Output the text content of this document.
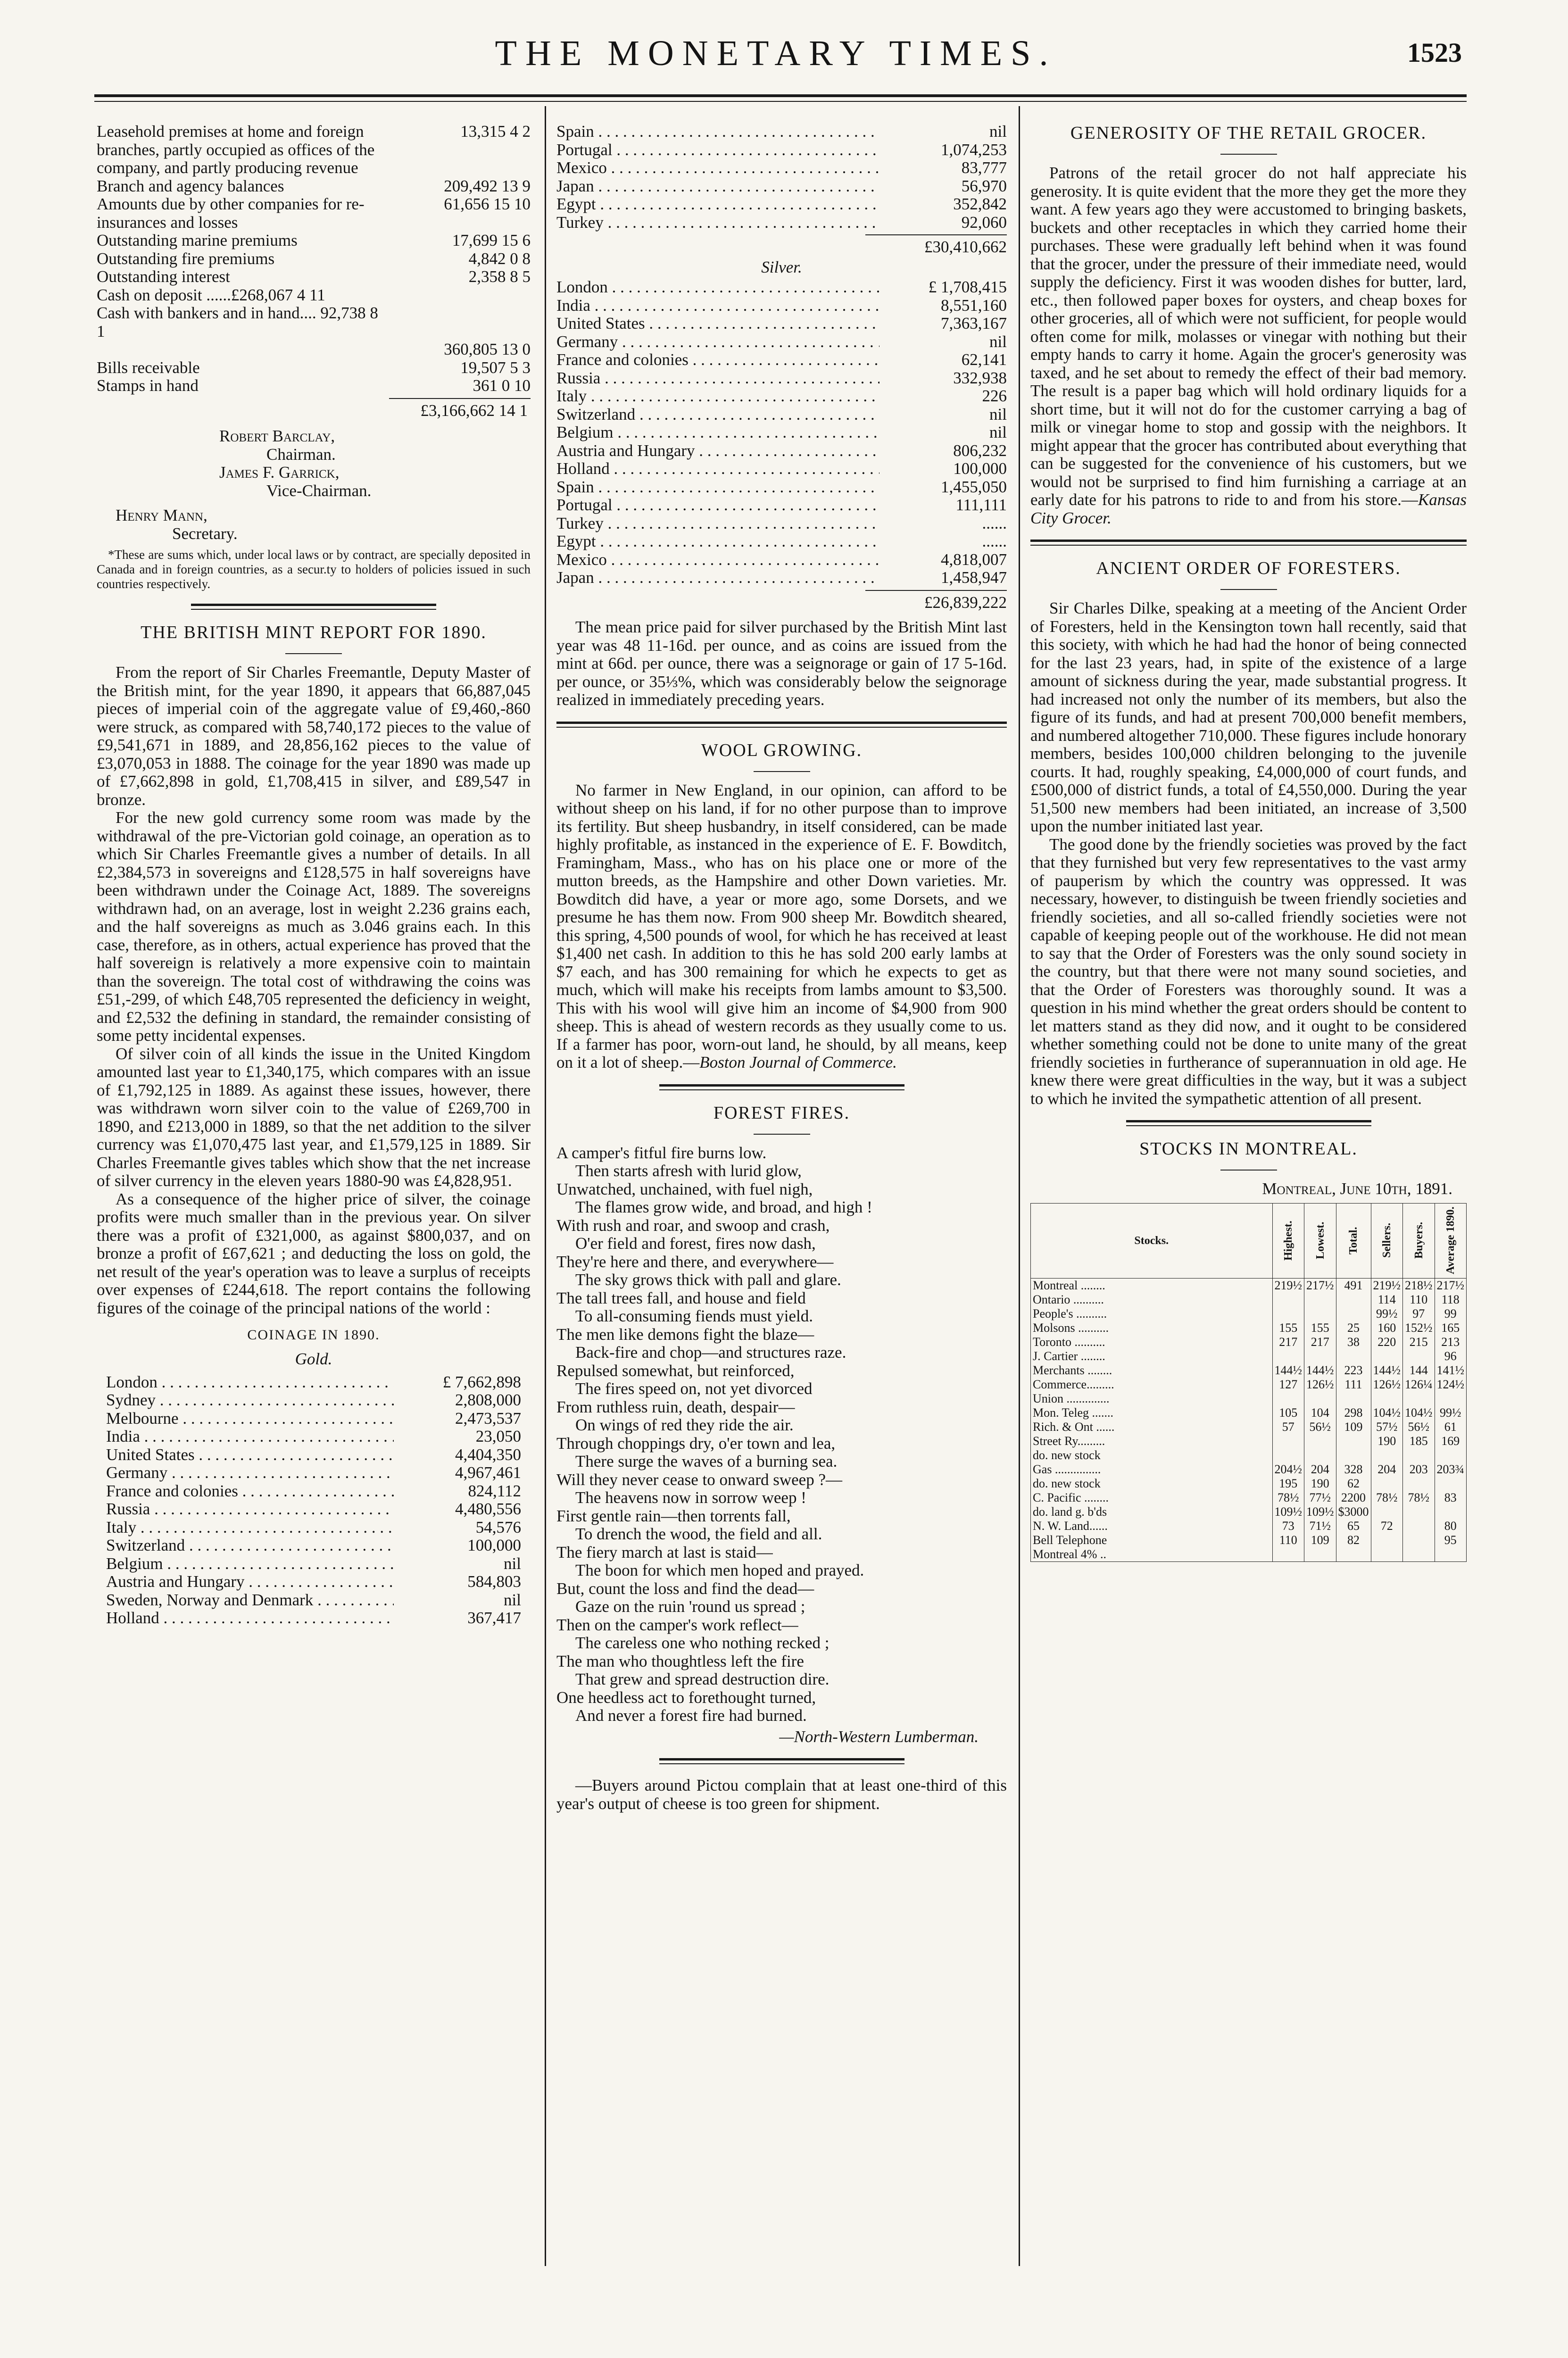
THE MONETARY TIMES.	1523
Leasehold premises at home and foreign branches, partly occupied as offices of the company, and partly producing revenue
13,315 4 2
Branch and agency balances	209,492 13 9
Amounts due by other companies for re-insurances and losses
61,656 15 10
Outstanding marine premiums	17,699 15 6
Outstanding fire premiums	4,842 0 8
Outstanding interest	2,358 8 5
Cash on deposit ......£268,067 4 11
Cash with bankers and in hand.... 92,738 8 1
360,805 13 0
Bills receivable	19,507 5 3
Stamps in hand	361 0 10
£3,166,662 14 1
Robert Barclay,
Chairman.
James F. Garrick,
Vice-Chairman.
Henry Mann,
Secretary.

*These are sums which, under local laws or by contract, are specially deposited in Canada and in foreign countries, as a secur.ty to holders of policies issued in such countries respectively.

THE BRITISH MINT REPORT FOR 1890.

From the report of Sir Charles Freemantle, Deputy Master of the British mint, for the year 1890, it appears that 66,887,045 pieces of imperial coin of the aggregate value of £9,460,-860 were struck, as compared with 58,740,172 pieces to the value of £9,541,671 in 1889, and 28,856,162 pieces to the value of £3,070,053 in 1888. The coinage for the year 1890 was made up of £7,662,898 in gold, £1,708,415 in silver, and £89,547 in bronze.

For the new gold currency some room was made by the withdrawal of the pre-Victorian gold coinage, an operation as to which Sir Charles Freemantle gives a number of details. In all £2,384,573 in sovereigns and £128,575 in half sovereigns have been withdrawn under the Coinage Act, 1889. The sovereigns withdrawn had, on an average, lost in weight 2.236 grains each, and the half sovereigns as much as 3.046 grains each. In this case, therefore, as in others, actual experience has proved that the half sovereign is relatively a more expensive coin to maintain than the sovereign. The total cost of withdrawing the coins was £51,-299, of which £48,705 represented the deficiency in weight, and £2,532 the defining in standard, the remainder consisting of some petty incidental expenses.

Of silver coin of all kinds the issue in the United Kingdom amounted last year to £1,340,175, which compares with an issue of £1,792,125 in 1889. As against these issues, however, there was withdrawn worn silver coin to the value of £269,700 in 1890, and £213,000 in 1889, so that the net addition to the silver currency was £1,070,475 last year, and £1,579,125 in 1889. Sir Charles Freemantle gives tables which show that the net increase of silver currency in the eleven years 1880-90 was £4,828,951.

As a consequence of the higher price of silver, the coinage profits were much smaller than in the previous year. On silver there was a profit of £321,000, as against $800,037, and on bronze a profit of £67,621 ; and deducting the loss on gold, the net result of the year's operation was to leave a surplus of receipts over expenses of £244,618. The report contains the following figures of the coinage of the principal nations of the world :

COINAGE IN 1890.
Gold.
London . . .	£ 7,662,898
Sydney . . .	2,808,000
Melbourne . . .	2,473,537
India . . .	23,050
United States . . .	4,404,350
Germany . . .	4,967,461
France and colonies . . .	824,112
Russia . . .	4,480,556
Italy . . .	54,576
Switzerland . . .	100,000
Belgium . . .	nil
Austria and Hungary . . .	584,803
Sweden, Norway and Denmark . . .	nil
Holland . . .	367,417
Spain . . .	nil
Portugal . . .	1,074,253
Mexico . . .	83,777
Japan . . .	56,970
Egypt . . .	352,842
Turkey . . .	92,060
£30,410,662
Silver.
London . . .	£ 1,708,415
India . . .	8,551,160
United States . . .	7,363,167
Germany . . .	nil
France and colonies . . .	62,141
Russia . . .	332,938
Italy . . .	226
Switzerland . . .	nil
Belgium . . .	nil
Austria and Hungary . . .	806,232
Holland . . .	100,000
Spain . . .	1,455,050
Portugal . . .	111,111
Turkey . . .	......
Egypt . . .	......
Mexico . . .	4,818,007
Japan . . .	1,458,947
£26,839,222

The mean price paid for silver purchased by the British Mint last year was 48 11-16d. per ounce, and as coins are issued from the mint at 66d. per ounce, there was a seignorage or gain of 17 5-16d. per ounce, or 35⅓%, which was considerably below the seignorage realized in immediately preceding years.

WOOL GROWING.

No farmer in New England, in our opinion, can afford to be without sheep on his land, if for no other purpose than to improve its fertility. But sheep husbandry, in itself considered, can be made highly profitable, as instanced in the experience of E. F. Bowditch, Framingham, Mass., who has on his place one or more of the mutton breeds, as the Hampshire and other Down varieties. Mr. Bowditch did have, a year or more ago, some Dorsets, and we presume he has them now. From 900 sheep Mr. Bowditch sheared, this spring, 4,500 pounds of wool, for which he has received at least $1,400 net cash. In addition to this he has sold 200 early lambs at $7 each, and has 300 remaining for which he expects to get as much, which will make his receipts from lambs amount to $3,500. This with his wool will give him an income of $4,900 from 900 sheep. This is ahead of western records as they usually come to us. If a farmer has poor, worn-out land, he should, by all means, keep on it a lot of sheep.—Boston Journal of Commerce.

FOREST FIRES.

A camper's fitful fire burns low.

Then starts afresh with lurid glow,

Unwatched, unchained, with fuel nigh,

The flames grow wide, and broad, and high !

With rush and roar, and swoop and crash,

O'er field and forest, fires now dash,

They're here and there, and everywhere—

The sky grows thick with pall and glare.

The tall trees fall, and house and field

To all-consuming fiends must yield.

The men like demons fight the blaze—

Back-fire and chop—and structures raze.

Repulsed somewhat, but reinforced,

The fires speed on, not yet divorced

From ruthless ruin, death, despair—

On wings of red they ride the air.

Through choppings dry, o'er town and lea,

There surge the waves of a burning sea.

Will they never cease to onward sweep ?—

The heavens now in sorrow weep !

First gentle rain—then torrents fall,

To drench the wood, the field and all.

The fiery march at last is staid—

The boon for which men hoped and prayed.

But, count the loss and find the dead—

Gaze on the ruin 'round us spread ;

Then on the camper's work reflect—

The careless one who nothing recked ;

The man who thoughtless left the fire

That grew and spread destruction dire.

One heedless act to forethought turned,

And never a forest fire had burned.

—North-Western Lumberman.

—Buyers around Pictou complain that at least one-third of this year's output of cheese is too green for shipment.

GENEROSITY OF THE RETAIL GROCER.

Patrons of the retail grocer do not half appreciate his generosity. It is quite evident that the more they get the more they want. A few years ago they were accustomed to bringing baskets, buckets and other receptacles in which they carried home their purchases. These were gradually left behind when it was found that the grocer, under the pressure of their immediate need, would supply the deficiency. First it was wooden dishes for butter, lard, etc., then followed paper boxes for oysters, and cheap boxes for other groceries, all of which were not sufficient, for people would often come for milk, molasses or vinegar with nothing but their empty hands to carry it home. Again the grocer's generosity was taxed, and he set about to remedy the effect of their bad memory. The result is a paper bag which will hold ordinary liquids for a short time, but it will not do for the customer carrying a bag of milk or vinegar home to stop and gossip with the neighbors. It might appear that the grocer has contributed about everything that can be suggested for the convenience of his customers, but we would not be surprised to find him furnishing a carriage at an early date for his patrons to ride to and from his store.—Kansas City Grocer.

ANCIENT ORDER OF FORESTERS.

Sir Charles Dilke, speaking at a meeting of the Ancient Order of Foresters, held in the Kensington town hall recently, said that this society, with which he had had the honor of being connected for the last 23 years, had, in spite of the existence of a large amount of sickness during the year, made substantial progress. It had increased not only the number of its members, but also the figure of its funds, and had at present 700,000 benefit members, and numbered altogether 710,000. These figures include honorary members, besides 100,000 children belonging to the juvenile courts. It had, roughly speaking, £4,000,000 of court funds, and £500,000 of district funds, a total of £4,550,000. During the year 51,500 new members had been initiated, an increase of 3,500 upon the number initiated last year.

The good done by the friendly societies was proved by the fact that they furnished but very few representatives to the vast army of pauperism by which the country was oppressed. It was necessary, however, to distinguish be tween friendly societies and friendly societies, and all so-called friendly societies were not capable of keeping people out of the workhouse. He did not mean to say that the Order of Foresters was the only sound society in the country, but that there were not many sound societies, and that the Order of Foresters was thoroughly sound. It was a question in his mind whether the great orders should be content to let matters stand as they did now, and it ought to be considered whether something could not be done to unite many of the great friendly societies in furtherance of superannuation in old age. He knew there were great difficulties in the way, but it was a subject to which he invited the sympathetic attention of all present.

STOCKS IN MONTREAL.
Montreal, June 10th, 1891.
Stocks.	Highest.	Lowest.	Total.	Sellers.	Buyers.	Average 1890.
Montreal ........	219½	217½	491	219½	218½	217½
Ontario ..........				114	110	118
People's ..........				99½	97	99
Molsons ..........	155	155	25	160	152½	165
Toronto ..........	217	217	38	220	215	213
J. Cartier ........						96
Merchants ........	144½	144½	223	144½	144	141½
Commerce.........	127	126½	111	126½	126¼	124½
Union ..............						
Mon. Teleg .......	105	104	298	104½	104½	99½
Rich. & Ont ......	57	56½	109	57½	56½	61
Street Ry.........				190	185	169
do. new stock						
Gas ...............	204½	204	328	204	203	203¾
do. new stock	195	190	62			
C. Pacific ........	78½	77½	2200	78½	78½	83
do. land g. b'ds	109½	109½	$3000			
N. W. Land......	73	71½	65	72		80
Bell Telephone	110	109	82			95
Montreal 4% ..						
